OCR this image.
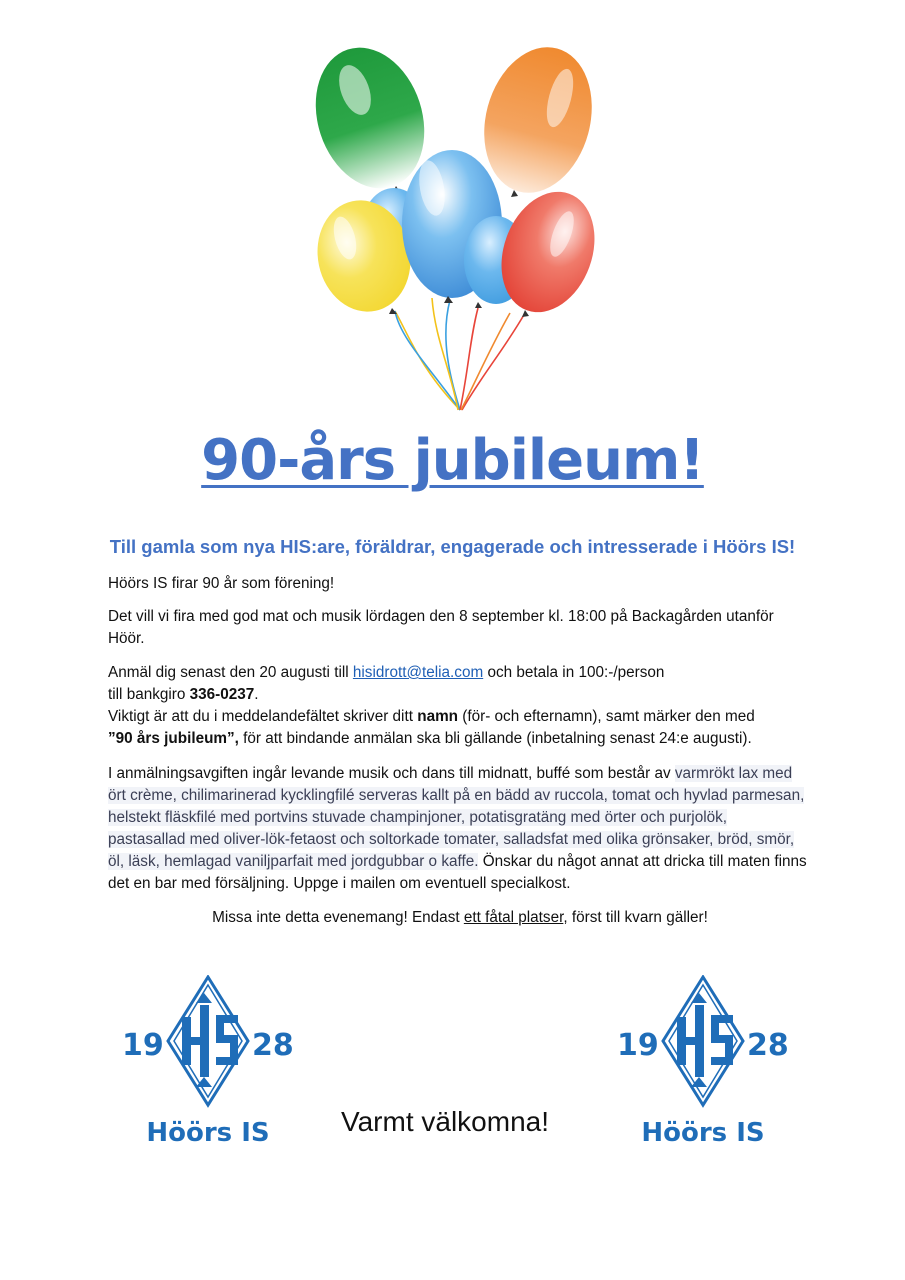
90-års jubileum!

Till gamla som nya HIS:are, föräldrar, engagerade och intresserade i Höörs IS!

Höörs IS firar 90 år som förening!

Det vill vi fira med god mat och musik lördagen den 8 september kl. 18:00 på Backagården utanför Höör.

Anmäl dig senast den 20 augusti till hisidrott@telia.com och betala in 100:-/person
till bankgiro 336-0237.
Viktigt är att du i meddelandefältet skriver ditt namn (för- och efternamn), samt märker den med
”90 års jubileum”, för att bindande anmälan ska bli gällande (inbetalning senast 24:e augusti).

I anmälningsavgiften ingår levande musik och dans till midnatt, buffé som består av varmrökt lax med ört crème, chilimarinerad kycklingfilé serveras kallt på en bädd av ruccola, tomat och hyvlad parmesan, helstekt fläskfilé med portvins stuvade champinjoner, potatisgratäng med örter och purjolök, pastasallad med oliver-lök-fetaost och soltorkade tomater, salladsfat med olika grönsaker, bröd, smör, öl, läsk, hemlagad vaniljparfait med jordgubbar o kaffe. Önskar du något annat att dricka till maten finns det en bar med försäljning. Uppge i mailen om eventuell specialkost.

Missa inte detta evenemang! Endast ett fåtal platser, först till kvarn gäller!

19	28
Höörs IS	Varmt välkomna!

19	28
Höörs IS
